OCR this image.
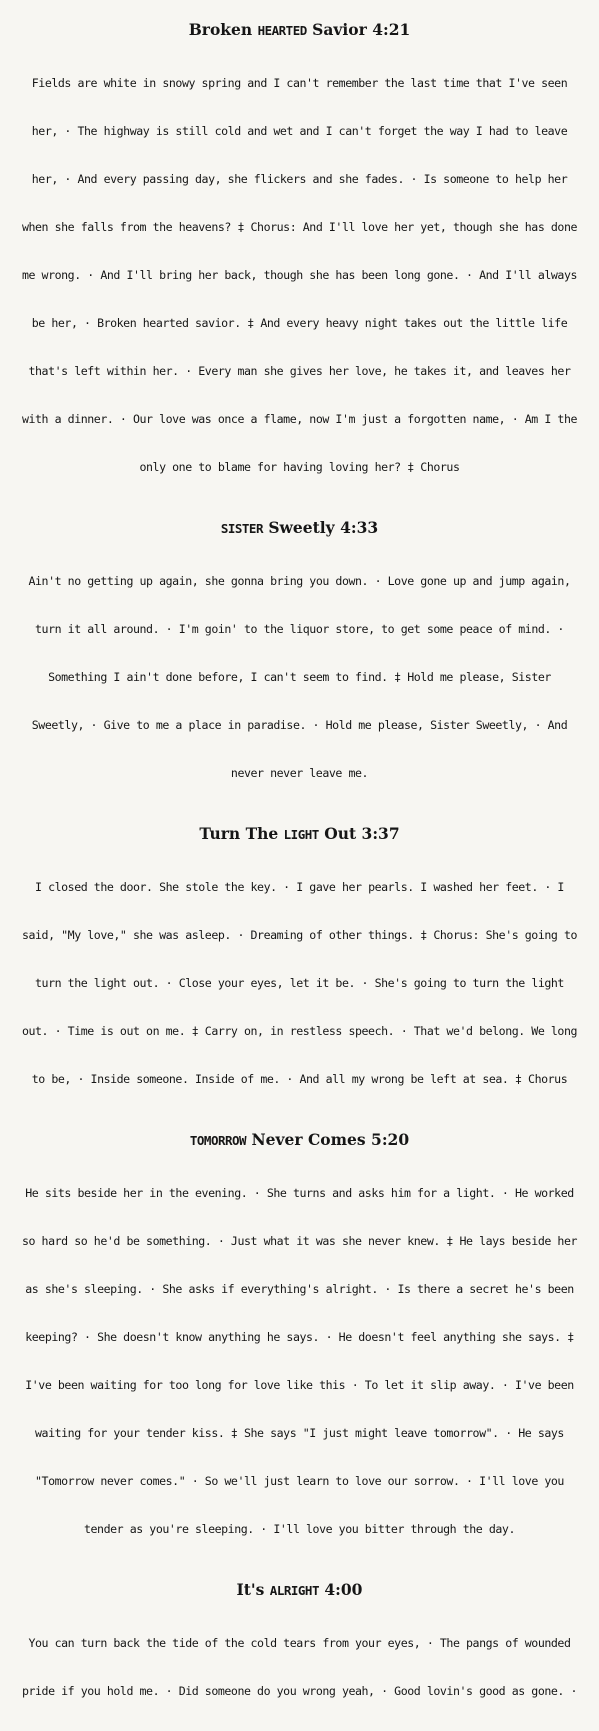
Broken HEARTED Savior 4:21

Fields are white in snowy spring and I can't remember the last time that I've seen

her, · The highway is still cold and wet and I can't forget the way I had to leave

her, · And every passing day, she flickers and she fades. · Is someone to help her

when she falls from the heavens? ‡ Chorus: And I'll love her yet, though she has done

me wrong. · And I'll bring her back, though she has been long gone. · And I'll always

be her, · Broken hearted savior. ‡ And every heavy night takes out the little life

that's left within her. · Every man she gives her love, he takes it, and leaves her

with a dinner. · Our love was once a flame, now I'm just a forgotten name, · Am I the

only one to blame for having loving her? ‡ Chorus

SISTER Sweetly 4:33

Ain't no getting up again, she gonna bring you down. · Love gone up and jump again,

turn it all around. · I'm goin' to the liquor store, to get some peace of mind. ·

Something I ain't done before, I can't seem to find. ‡ Hold me please, Sister

Sweetly, · Give to me a place in paradise. · Hold me please, Sister Sweetly, · And

never never leave me.

Turn The LIGHT Out 3:37

I closed the door. She stole the key. · I gave her pearls. I washed her feet. · I

said, "My love," she was asleep. · Dreaming of other things. ‡ Chorus: She's going to

turn the light out. · Close your eyes, let it be. · She's going to turn the light

out. · Time is out on me. ‡ Carry on, in restless speech. · That we'd belong. We long

to be, · Inside someone. Inside of me. · And all my wrong be left at sea. ‡ Chorus

TOMORROW Never Comes 5:20

He sits beside her in the evening. · She turns and asks him for a light. · He worked

so hard so he'd be something. · Just what it was she never knew. ‡ He lays beside her

as she's sleeping. · She asks if everything's alright. · Is there a secret he's been

keeping? · She doesn't know anything he says. · He doesn't feel anything she says. ‡

I've been waiting for too long for love like this · To let it slip away. · I've been

waiting for your tender kiss. ‡ She says "I just might leave tomorrow". · He says

"Tomorrow never comes." · So we'll just learn to love our sorrow. · I'll love you

tender as you're sleeping. · I'll love you bitter through the day.

It's ALRIGHT 4:00

You can turn back the tide of the cold tears from your eyes, · The pangs of wounded

pride if you hold me. · Did someone do you wrong yeah, · Good lovin's good as gone. ·
